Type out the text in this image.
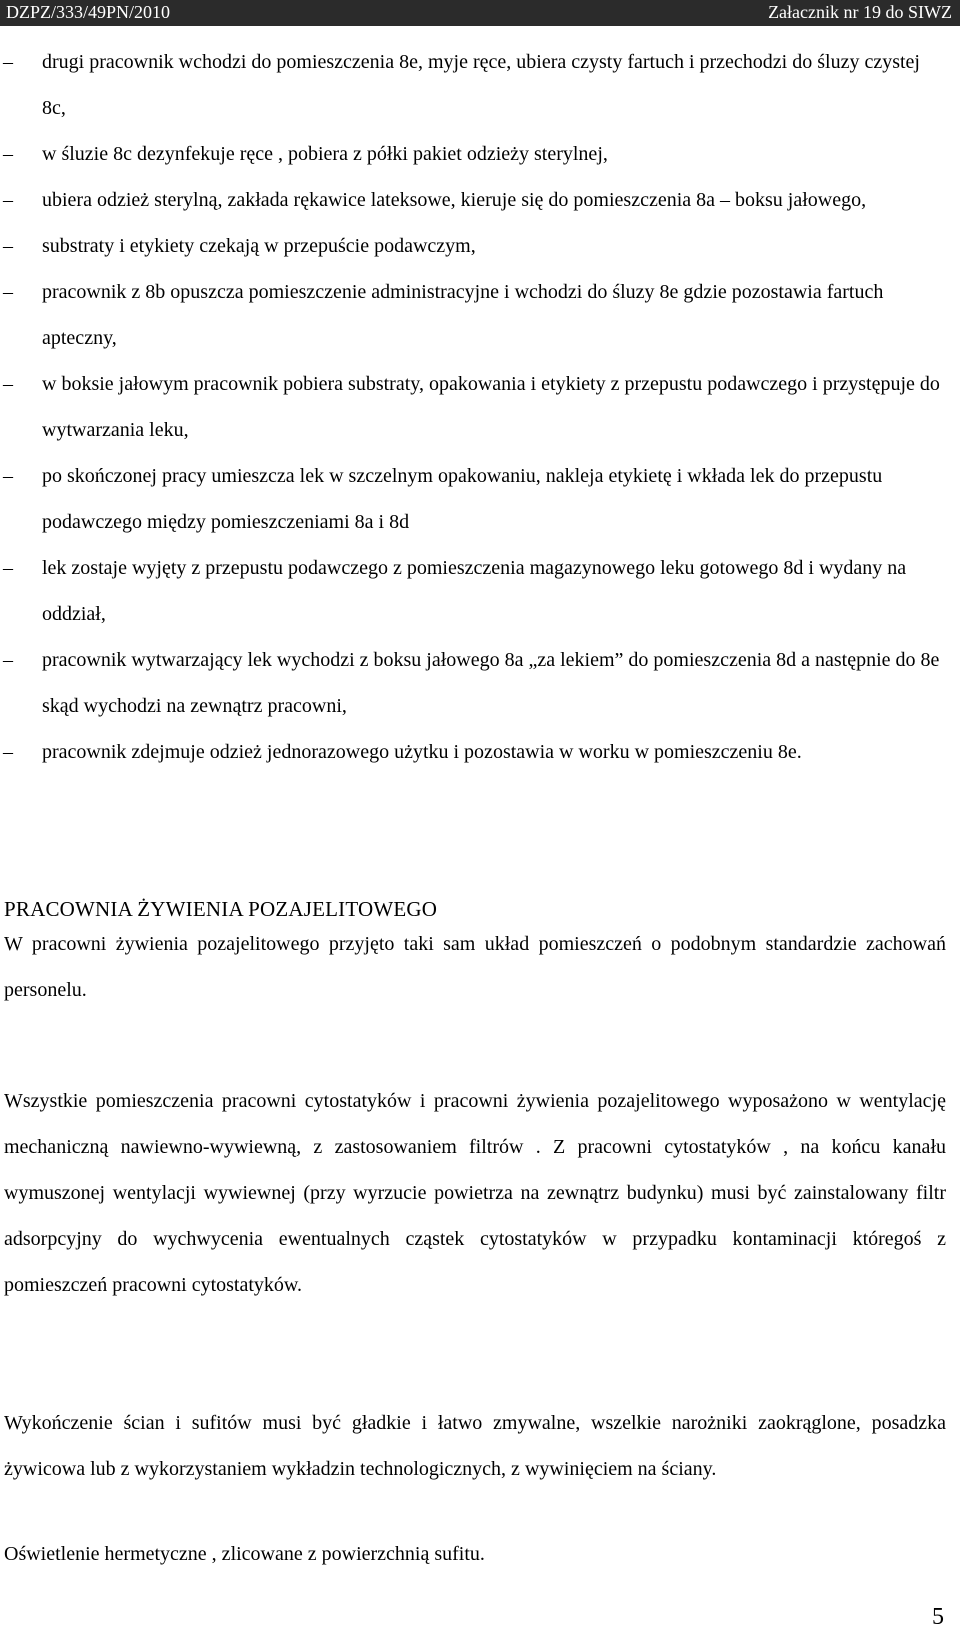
DZPZ/333/49PN/2010	Załacznik nr 19 do SIWZ
– drugi pracownik wchodzi do pomieszczenia 8e, myje ręce, ubiera czysty fartuch i przechodzi do śluzy czystej 8c,
– w śluzie 8c dezynfekuje ręce , pobiera z półki pakiet odzieży sterylnej,
– ubiera odzież sterylną, zakłada rękawice lateksowe, kieruje się do pomieszczenia 8a – boksu jałowego,
– substraty i etykiety czekają w przepuście podawczym,
– pracownik z 8b opuszcza pomieszczenie administracyjne i wchodzi do śluzy 8e gdzie pozostawia fartuch apteczny,
– w boksie jałowym pracownik pobiera substraty, opakowania i etykiety z przepustu podawczego i przystępuje do wytwarzania leku,
– po skończonej pracy umieszcza lek w szczelnym opakowaniu, nakleja etykietę i wkłada lek do przepustu podawczego między pomieszczeniami 8a i 8d
– lek zostaje wyjęty z przepustu podawczego z pomieszczenia magazynowego leku gotowego 8d i wydany na oddział,
– pracownik wytwarzający lek wychodzi z boksu jałowego 8a „za lekiem” do pomieszczenia 8d a następnie do 8e skąd wychodzi na zewnątrz pracowni,
– pracownik zdejmuje odzież jednorazowego użytku i pozostawia w worku w pomieszczeniu 8e.
PRACOWNIA ŻYWIENIA POZAJELITOWEGO
W pracowni żywienia pozajelitowego przyjęto taki sam układ pomieszczeń o podobnym standardzie zachowań personelu.
Wszystkie pomieszczenia pracowni cytostatyków i pracowni żywienia pozajelitowego wyposażono w wentylację mechaniczną nawiewno-wywiewną, z zastosowaniem filtrów . Z pracowni cytostatyków , na końcu kanału wymuszonej wentylacji wywiewnej (przy wyrzucie powietrza na zewnątrz budynku) musi być zainstalowany filtr adsorpcyjny do wychwycenia ewentualnych cząstek cytostatyków w przypadku kontaminacji któregoś z pomieszczeń pracowni cytostatyków.
Wykończenie ścian i sufitów musi być gładkie i łatwo zmywalne, wszelkie narożniki zaokrąglone, posadzka żywicowa lub z wykorzystaniem wykładzin technologicznych, z wywinięciem na ściany.
Oświetlenie hermetyczne , zlicowane z powierzchnią sufitu.
5
